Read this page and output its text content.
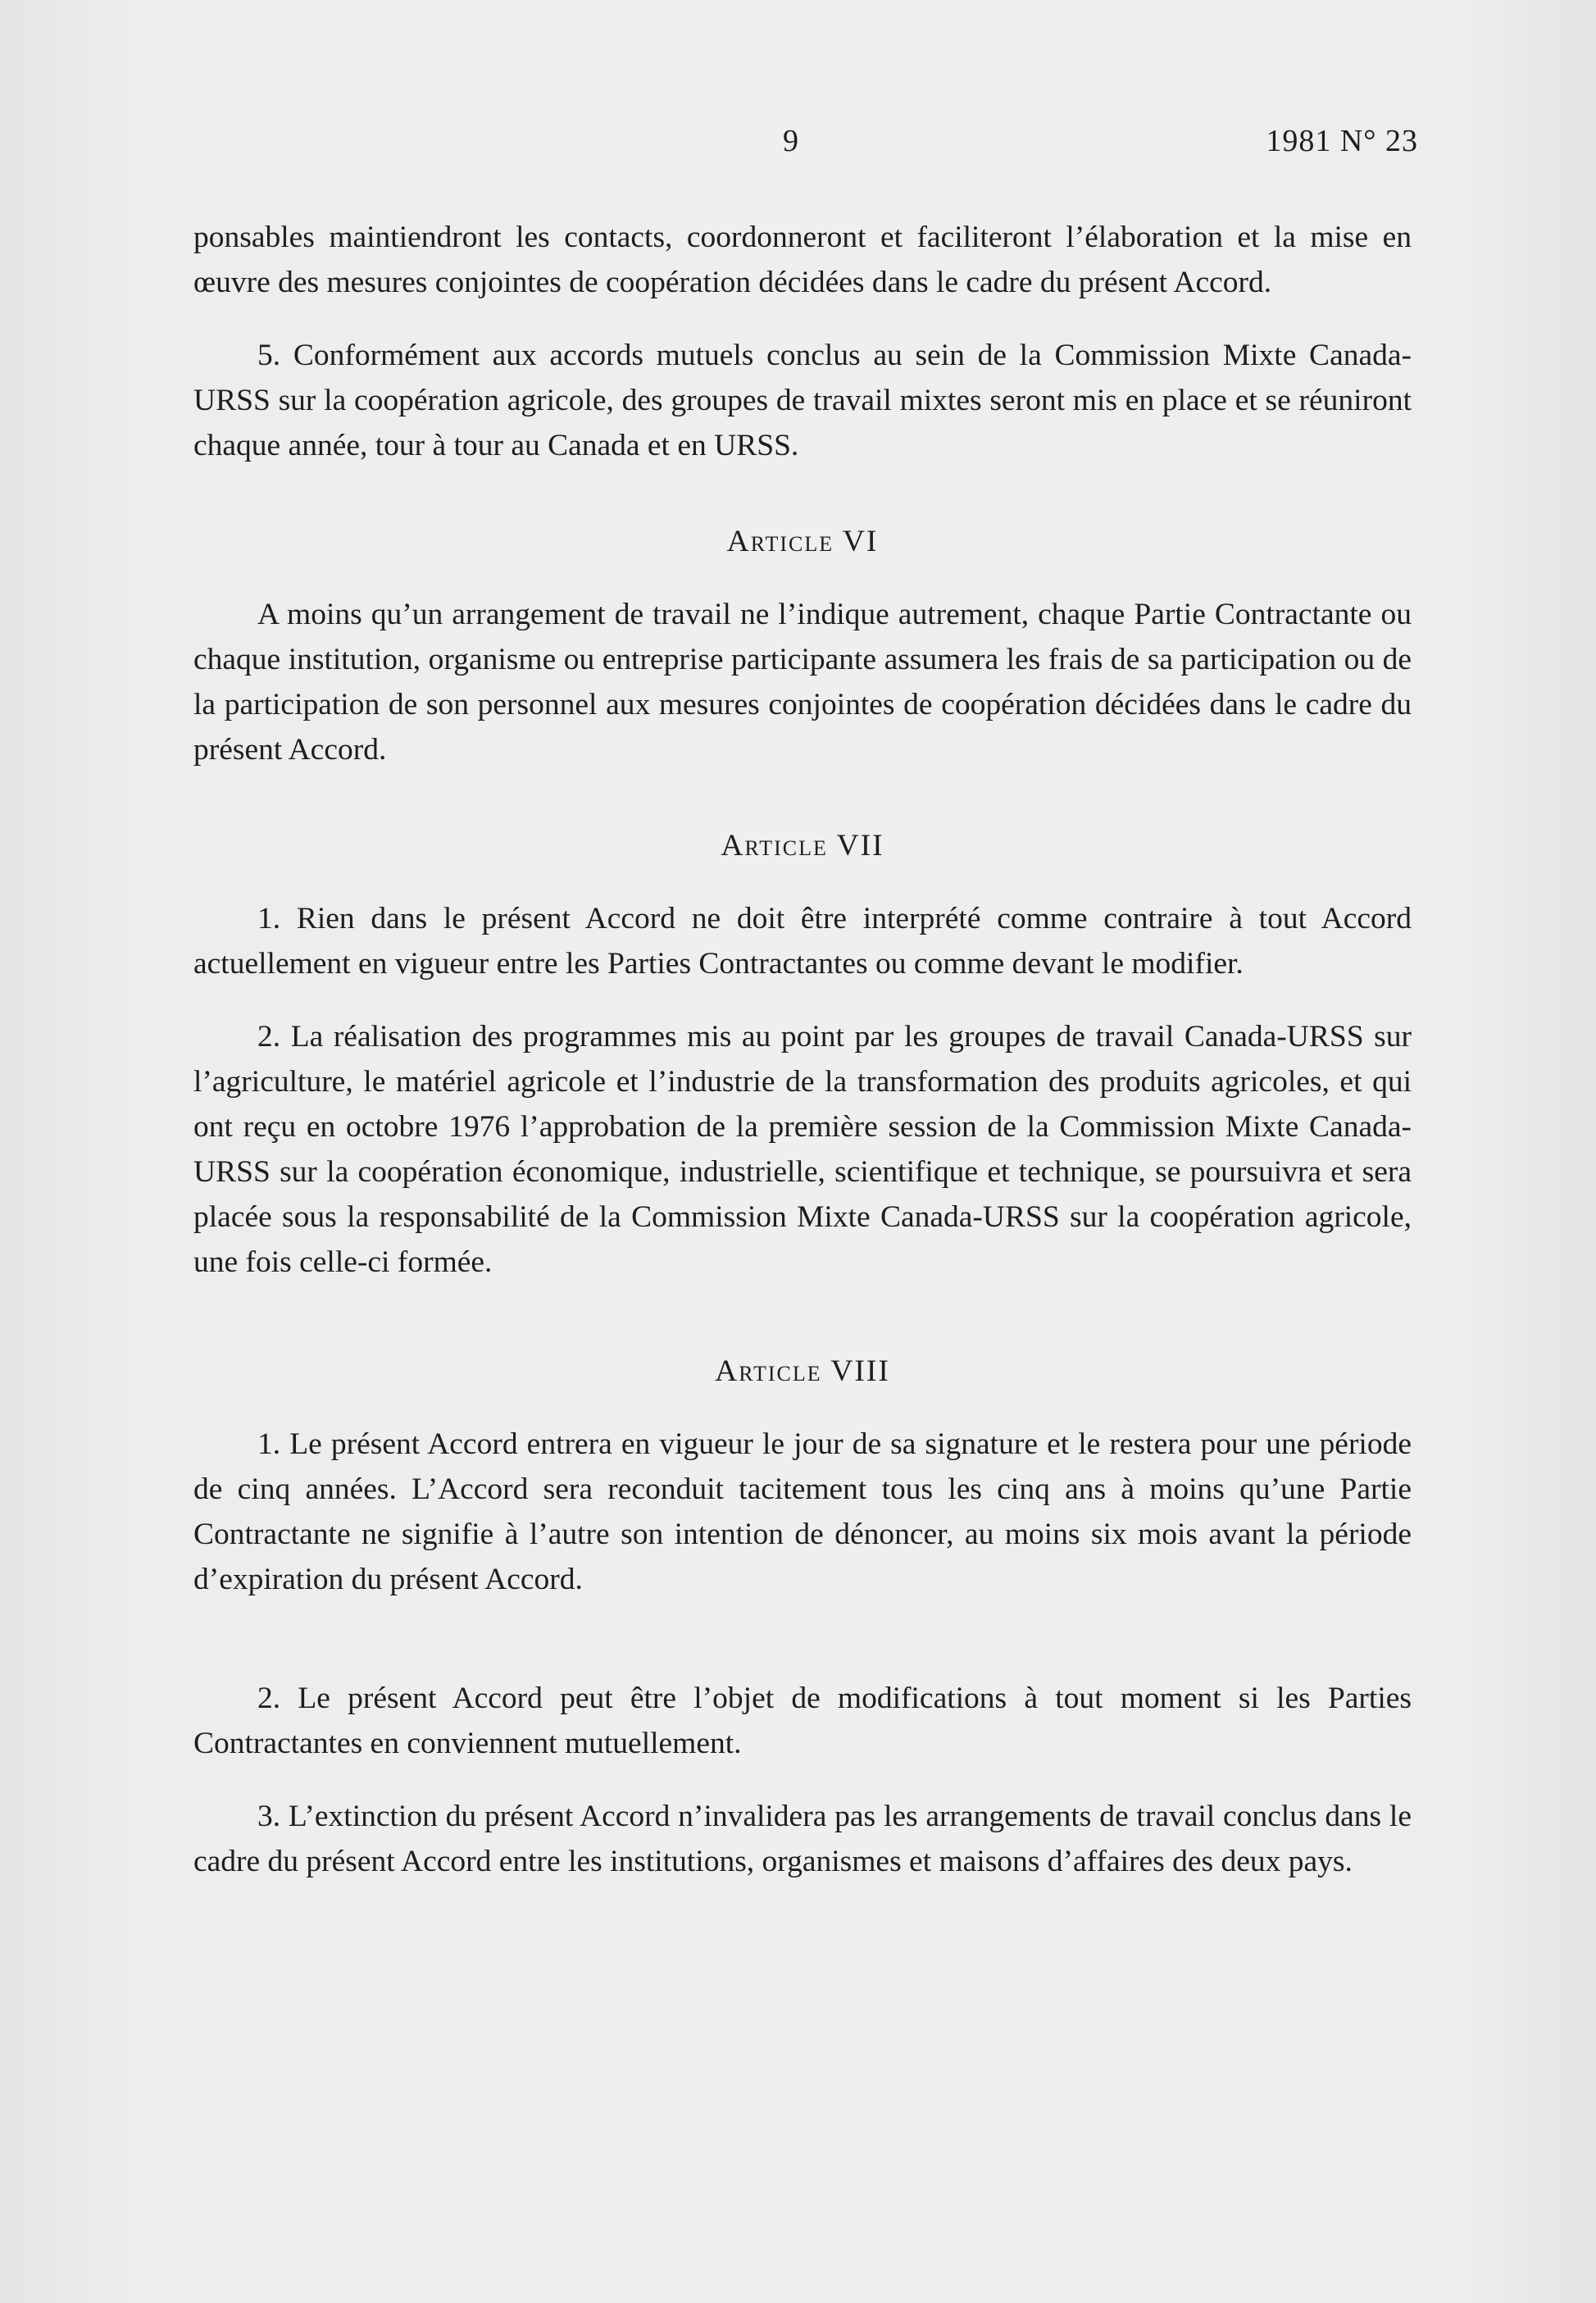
9	1981 N° 23

ponsables maintiendront les contacts, coordonneront et faciliteront l’élaboration et la mise en œuvre des mesures conjointes de coopération décidées dans le cadre du présent Accord.

5. Conformément aux accords mutuels conclus au sein de la Commission Mixte Canada-URSS sur la coopération agricole, des groupes de travail mixtes seront mis en place et se réuniront chaque année, tour à tour au Canada et en URSS.

Article VI

A moins qu’un arrangement de travail ne l’indique autrement, chaque Partie Contractante ou chaque institution, organisme ou entreprise participante assumera les frais de sa participation ou de la participation de son personnel aux mesures conjointes de coopération décidées dans le cadre du présent Accord.

Article VII

1. Rien dans le présent Accord ne doit être interprété comme contraire à tout Accord actuellement en vigueur entre les Parties Contractantes ou comme devant le modifier.

2. La réalisation des programmes mis au point par les groupes de travail Canada-URSS sur l’agriculture, le matériel agricole et l’industrie de la transformation des produits agricoles, et qui ont reçu en octobre 1976 l’approbation de la première session de la Commission Mixte Canada-URSS sur la coopération économique, industrielle, scientifique et technique, se poursuivra et sera placée sous la responsabilité de la Commission Mixte Canada-URSS sur la coopération agricole, une fois celle-ci formée.

Article VIII

1. Le présent Accord entrera en vigueur le jour de sa signature et le restera pour une période de cinq années. L’Accord sera reconduit tacitement tous les cinq ans à moins qu’une Partie Contractante ne signifie à l’autre son intention de dénoncer, au moins six mois avant la période d’expiration du présent Accord.

2. Le présent Accord peut être l’objet de modifications à tout moment si les Parties Contractantes en conviennent mutuellement.

3. L’extinction du présent Accord n’invalidera pas les arrangements de travail conclus dans le cadre du présent Accord entre les institutions, organismes et maisons d’affaires des deux pays.
